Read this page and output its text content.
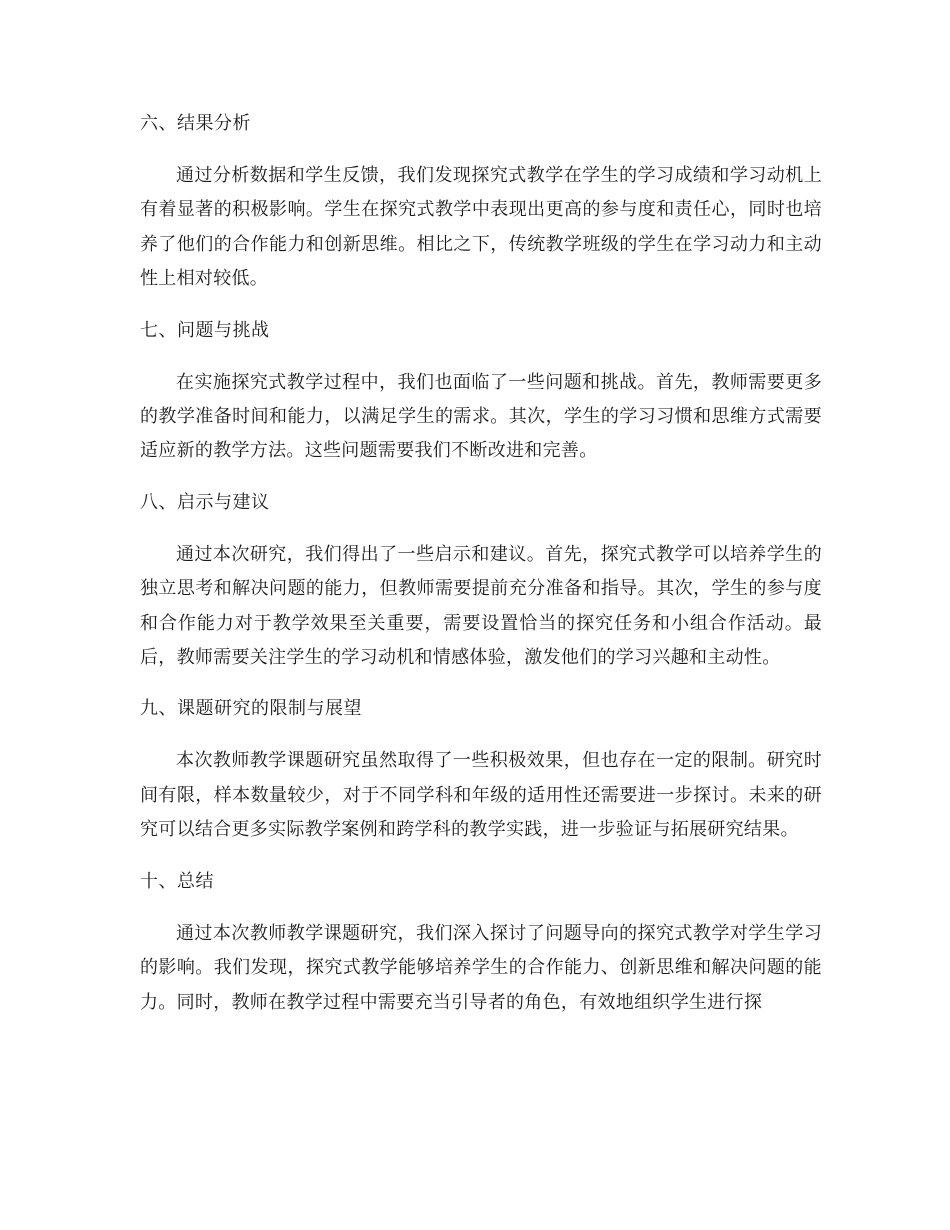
六、结果分析

通过分析数据和学生反馈，我们发现探究式教学在学生的学习成绩和学习动机上有着显著的积极影响。学生在探究式教学中表现出更高的参与度和责任心，同时也培养了他们的合作能力和创新思维。相比之下，传统教学班级的学生在学习动力和主动性上相对较低。

七、问题与挑战

在实施探究式教学过程中，我们也面临了一些问题和挑战。首先，教师需要更多的教学准备时间和能力，以满足学生的需求。其次，学生的学习习惯和思维方式需要适应新的教学方法。这些问题需要我们不断改进和完善。

八、启示与建议

通过本次研究，我们得出了一些启示和建议。首先，探究式教学可以培养学生的独立思考和解决问题的能力，但教师需要提前充分准备和指导。其次，学生的参与度和合作能力对于教学效果至关重要，需要设置恰当的探究任务和小组合作活动。最后，教师需要关注学生的学习动机和情感体验，激发他们的学习兴趣和主动性。

九、课题研究的限制与展望

本次教师教学课题研究虽然取得了一些积极效果，但也存在一定的限制。研究时间有限，样本数量较少，对于不同学科和年级的适用性还需要进一步探讨。未来的研究可以结合更多实际教学案例和跨学科的教学实践，进一步验证与拓展研究结果。

十、总结

通过本次教师教学课题研究，我们深入探讨了问题导向的探究式教学对学生学习的影响。我们发现，探究式教学能够培养学生的合作能力、创新思维和解决问题的能力。同时，教师在教学过程中需要充当引导者的角色，有效地组织学生进行探
